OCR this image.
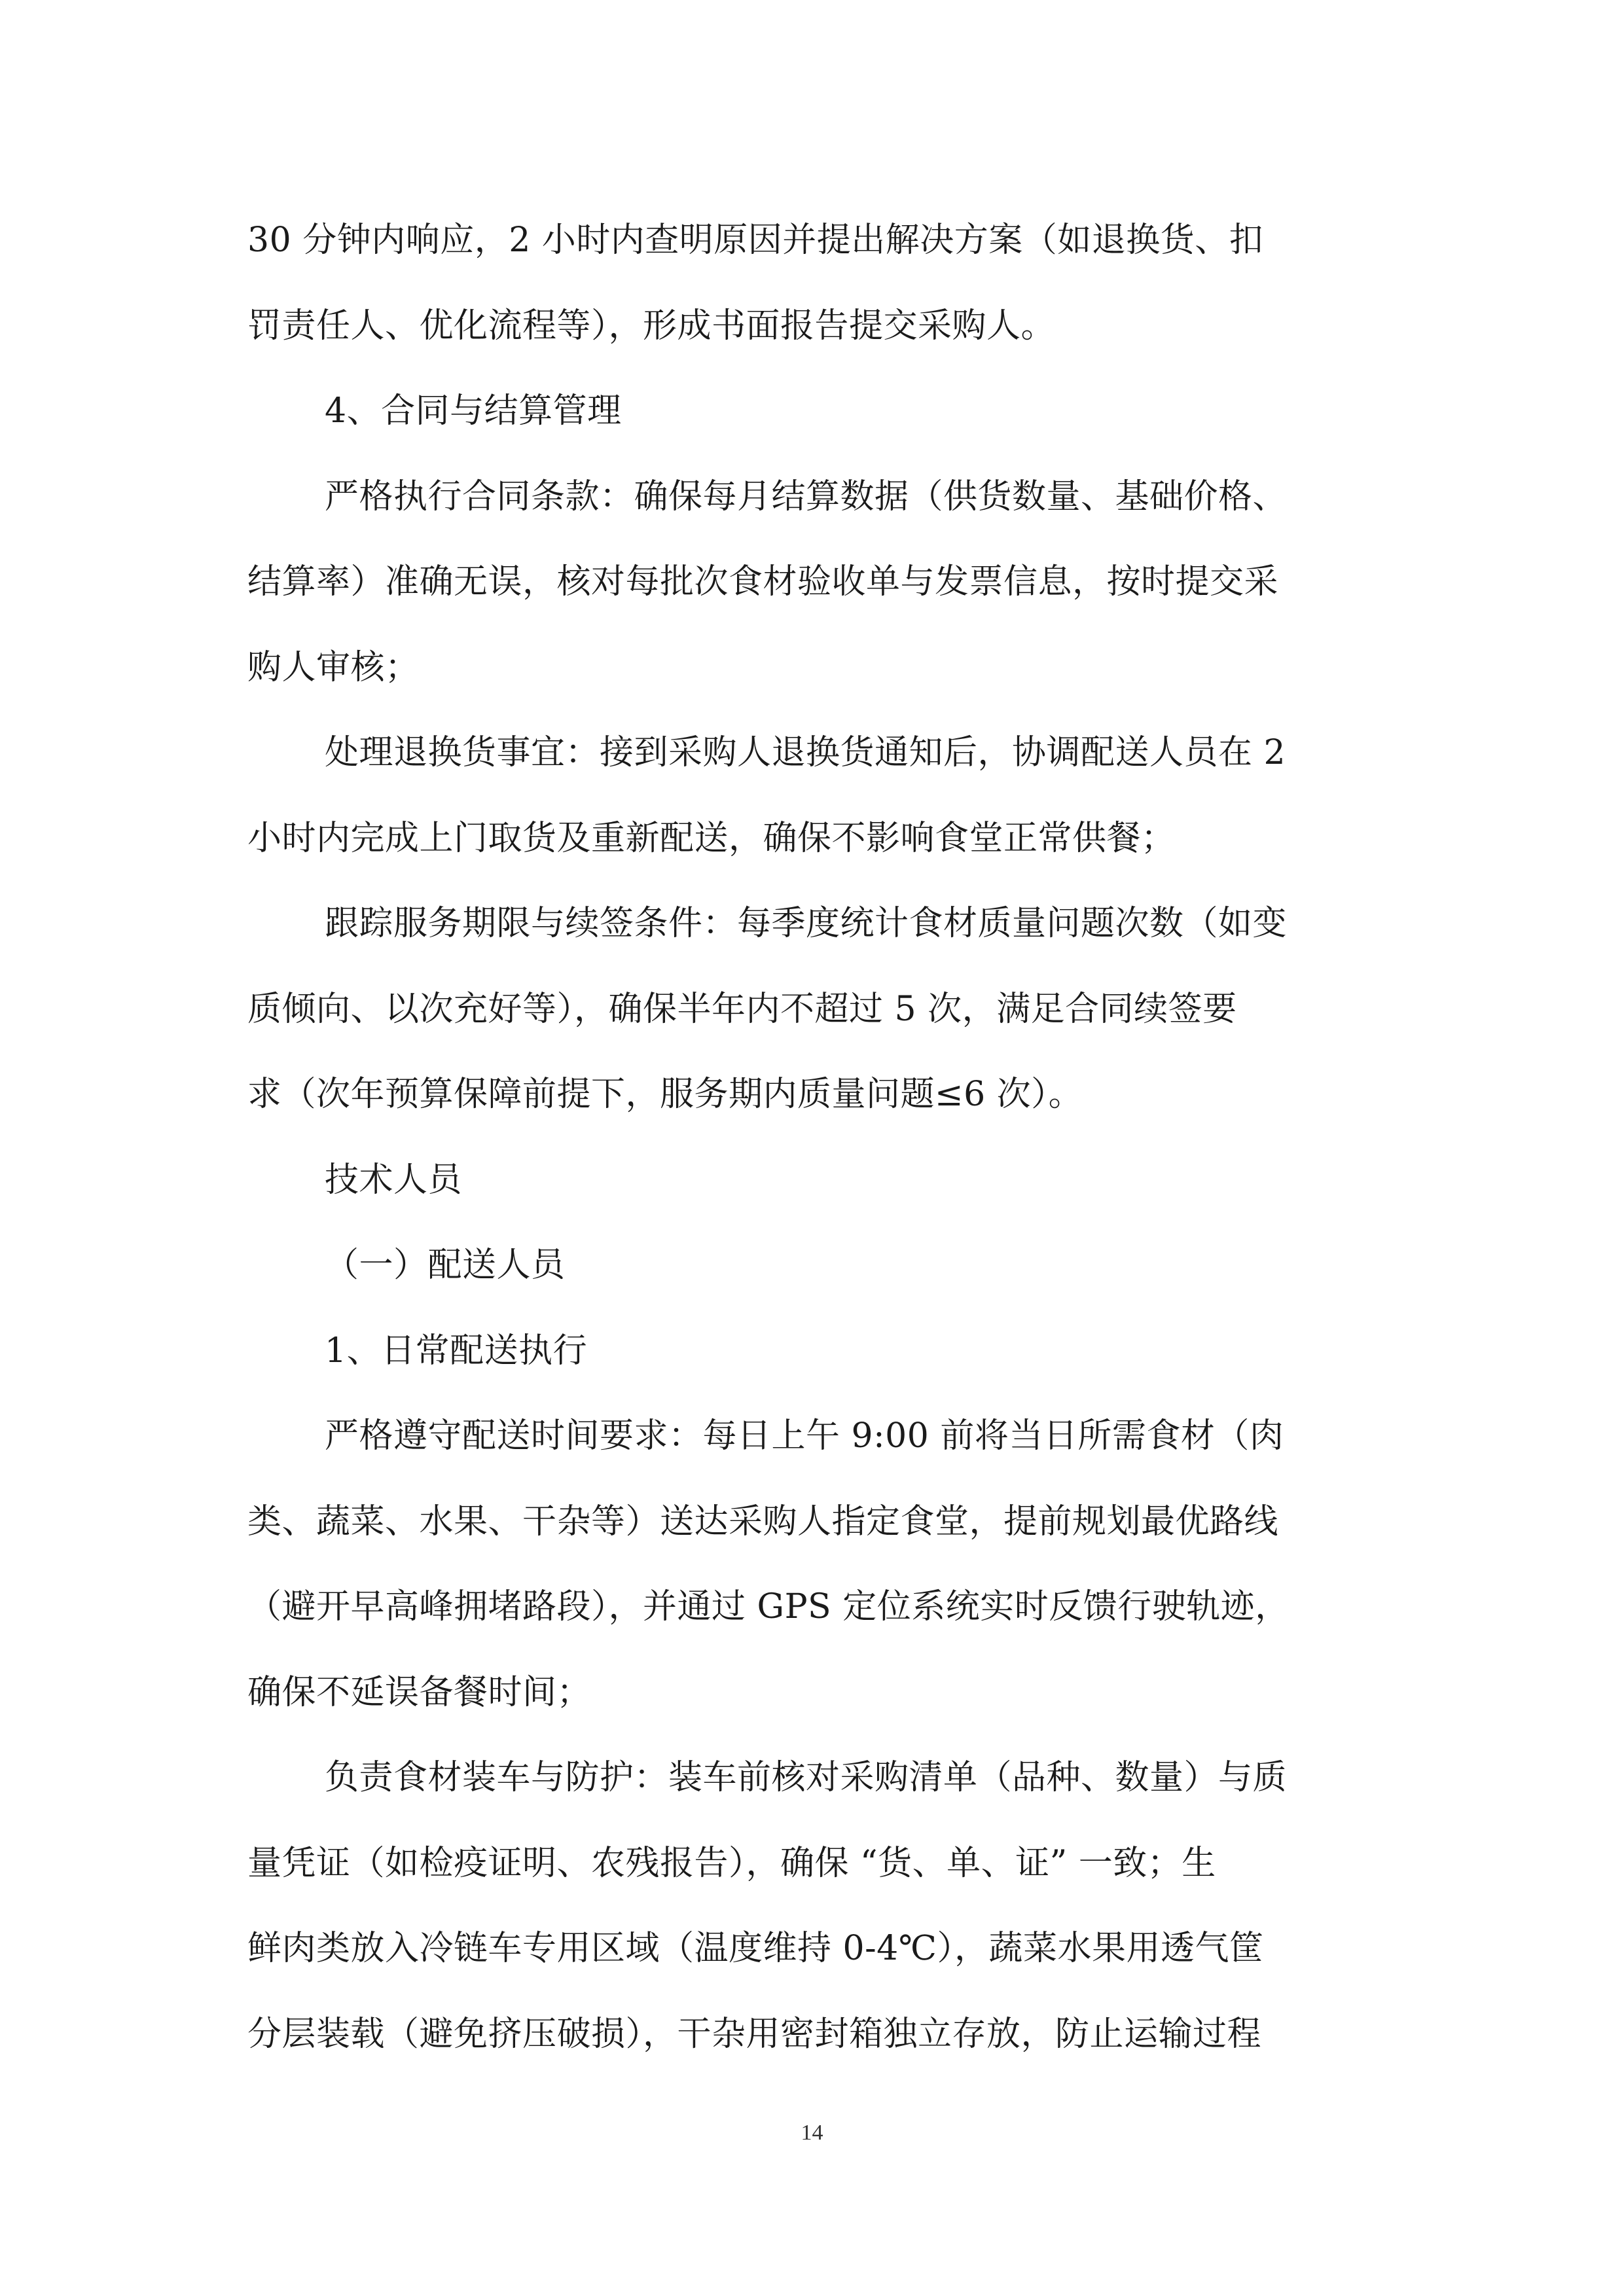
30 分钟内响应，2 小时内查明原因并提出解决方案（如退换货、扣
罚责任人、优化流程等），形成书面报告提交采购人。
4、合同与结算管理
严格执行合同条款：确保每月结算数据（供货数量、基础价格、
结算率）准确无误，核对每批次食材验收单与发票信息，按时提交采
购人审核；
处理退换货事宜：接到采购人退换货通知后，协调配送人员在 2
小时内完成上门取货及重新配送，确保不影响食堂正常供餐；
跟踪服务期限与续签条件：每季度统计食材质量问题次数（如变
质倾向、以次充好等），确保半年内不超过 5 次，满足合同续签要
求（次年预算保障前提下，服务期内质量问题≤6 次）。
技术人员
（一）配送人员
1、日常配送执行
严格遵守配送时间要求：每日上午 9:00 前将当日所需食材（肉
类、蔬菜、水果、干杂等）送达采购人指定食堂，提前规划最优路线
（避开早高峰拥堵路段），并通过 GPS 定位系统实时反馈行驶轨迹，
确保不延误备餐时间；
负责食材装车与防护：装车前核对采购清单（品种、数量）与质
量凭证（如检疫证明、农残报告），确保 “货、单、证” 一致；生
鲜肉类放入冷链车专用区域（温度维持 0-4℃），蔬菜水果用透气筐
分层装载（避免挤压破损），干杂用密封箱独立存放，防止运输过程
14
